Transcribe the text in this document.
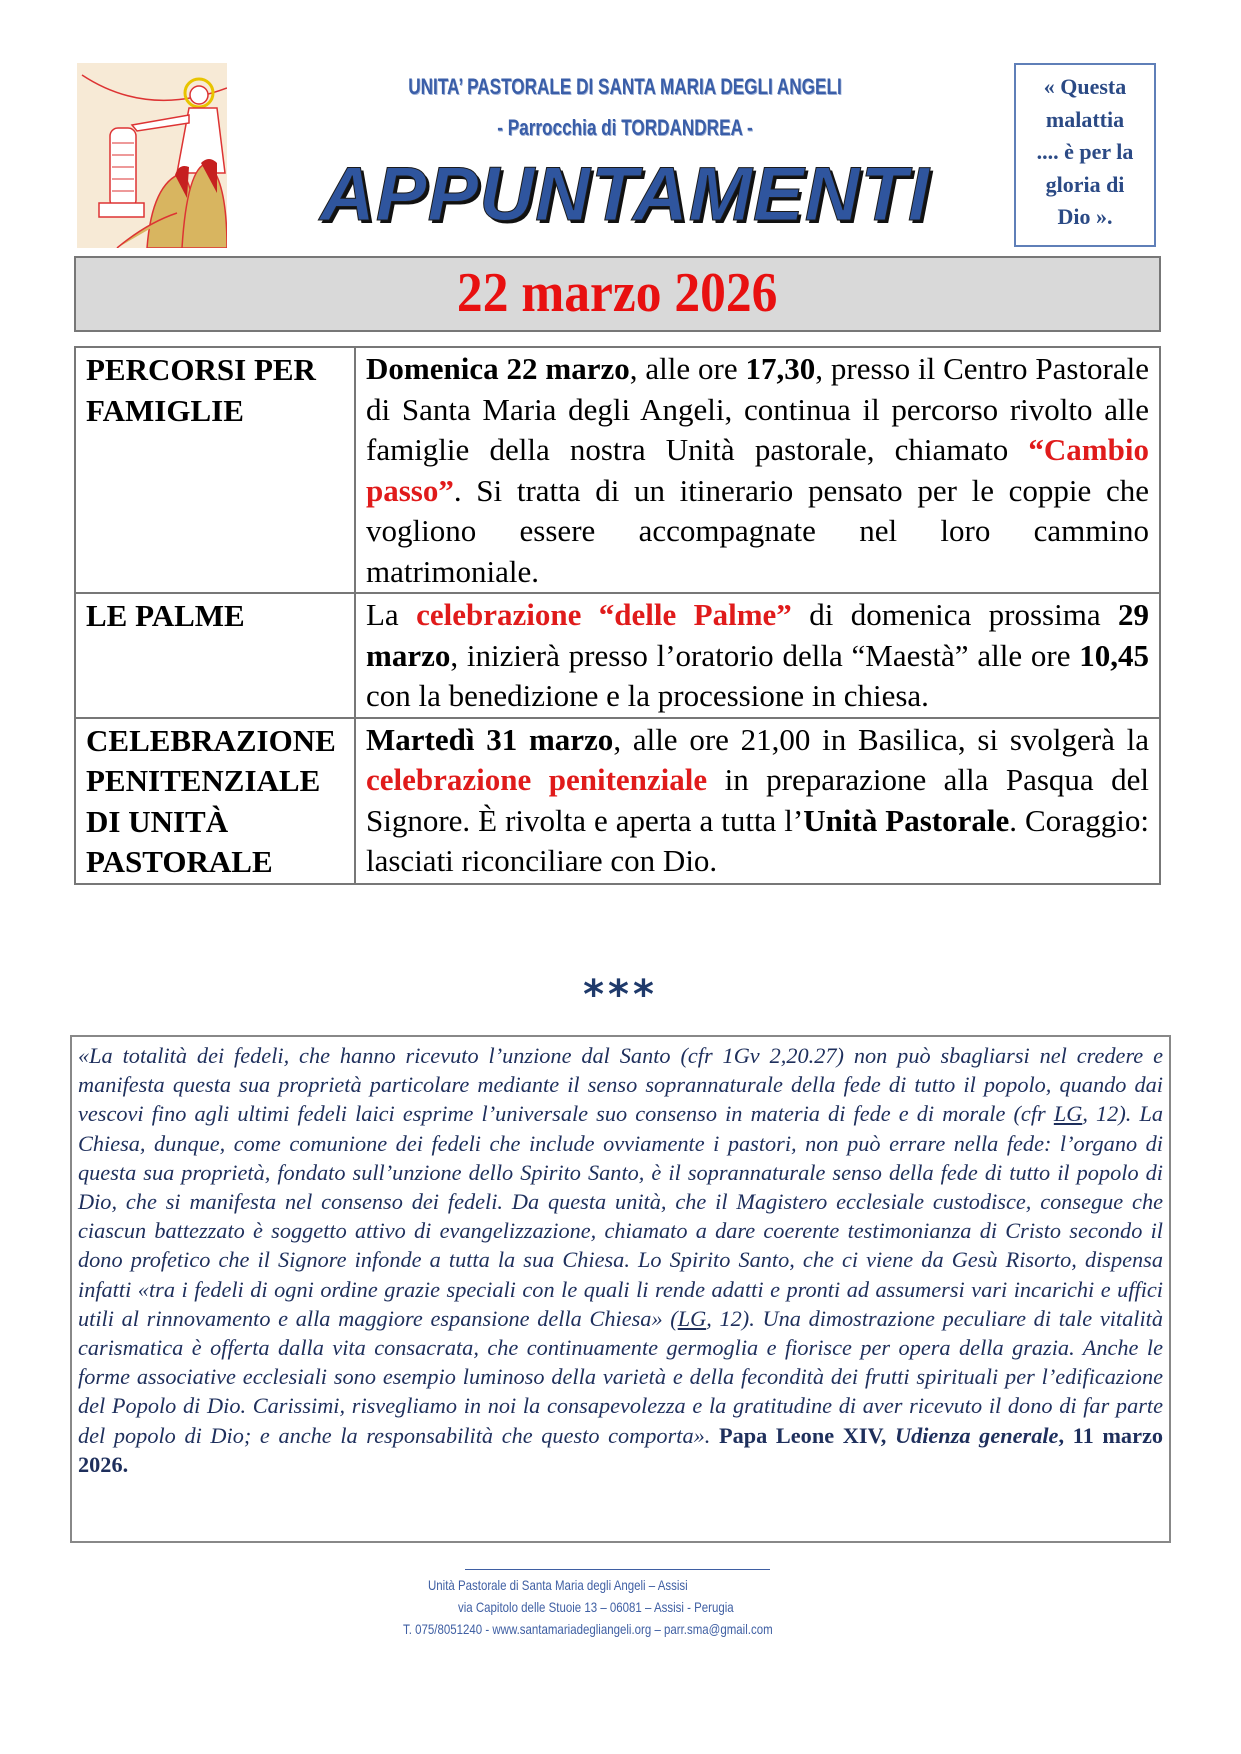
UNITA’ PASTORALE DI SANTA MARIA DEGLI ANGELI
- Parrocchia di TORDANDREA -
APPUNTAMENTI
« Questa
malattia
.... è per la
gloria di
Dio ».
22 marzo 2026
PERCORSI PER FAMIGLIE	Domenica 22 marzo, alle ore 17,30, presso il Centro Pastorale di Santa Maria degli Angeli, continua il percorso rivolto alle famiglie della nostra Unità pastorale, chiamato “Cambio passo”. Si tratta di un itinerario pensato per le coppie che vogliono essere accompagnate nel loro cammino matrimoniale.
LE PALME	La celebrazione “delle Palme” di domenica prossima 29 marzo, inizierà presso l’oratorio della “Maestà” alle ore 10,45 con la benedizione e la processione in chiesa.
CELEBRAZIONE PENITENZIALE DI UNITÀ PASTORALE	Martedì 31 marzo, alle ore 21,00 in Basilica, si svolgerà la celebrazione penitenziale in preparazione alla Pasqua del Signore. È rivolta e aperta a tutta l’Unità Pastorale. Coraggio: lasciati riconciliare con Dio.
***
«La totalità dei fedeli, che hanno ricevuto l’unzione dal Santo (cfr 1Gv 2,20.27) non può sbagliarsi nel credere e manifesta questa sua proprietà particolare mediante il senso soprannaturale della fede di tutto il popolo, quando dai vescovi fino agli ultimi fedeli laici esprime l’universale suo consenso in materia di fede e di morale (cfr LG, 12). La Chiesa, dunque, come comunione dei fedeli che include ovviamente i pastori, non può errare nella fede: l’organo di questa sua proprietà, fondato sull’unzione dello Spirito Santo, è il soprannaturale senso della fede di tutto il popolo di Dio, che si manifesta nel consenso dei fedeli. Da questa unità, che il Magistero ecclesiale custodisce, consegue che ciascun battezzato è soggetto attivo di evangelizzazione, chiamato a dare coerente testimonianza di Cristo secondo il dono profetico che il Signore infonde a tutta la sua Chiesa. Lo Spirito Santo, che ci viene da Gesù Risorto, dispensa infatti «tra i fedeli di ogni ordine grazie speciali con le quali li rende adatti e pronti ad assumersi vari incarichi e uffici utili al rinnovamento e alla maggiore espansione della Chiesa» (LG, 12). Una dimostrazione peculiare di tale vitalità carismatica è offerta dalla vita consacrata, che continuamente germoglia e fiorisce per opera della grazia. Anche le forme associative ecclesiali sono esempio luminoso della varietà e della fecondità dei frutti spirituali per l’edificazione del Popolo di Dio. Carissimi, risvegliamo in noi la consapevolezza e la gratitudine di aver ricevuto il dono di far parte del popolo di Dio; e anche la responsabilità che questo comporta». Papa Leone XIV, Udienza generale, 11 marzo 2026.
Unità Pastorale di Santa Maria degli Angeli – Assisi
via Capitolo delle Stuoie 13 – 06081 – Assisi - Perugia
T. 075/8051240 - www.santamariadegliangeli.org – parr.sma@gmail.com
